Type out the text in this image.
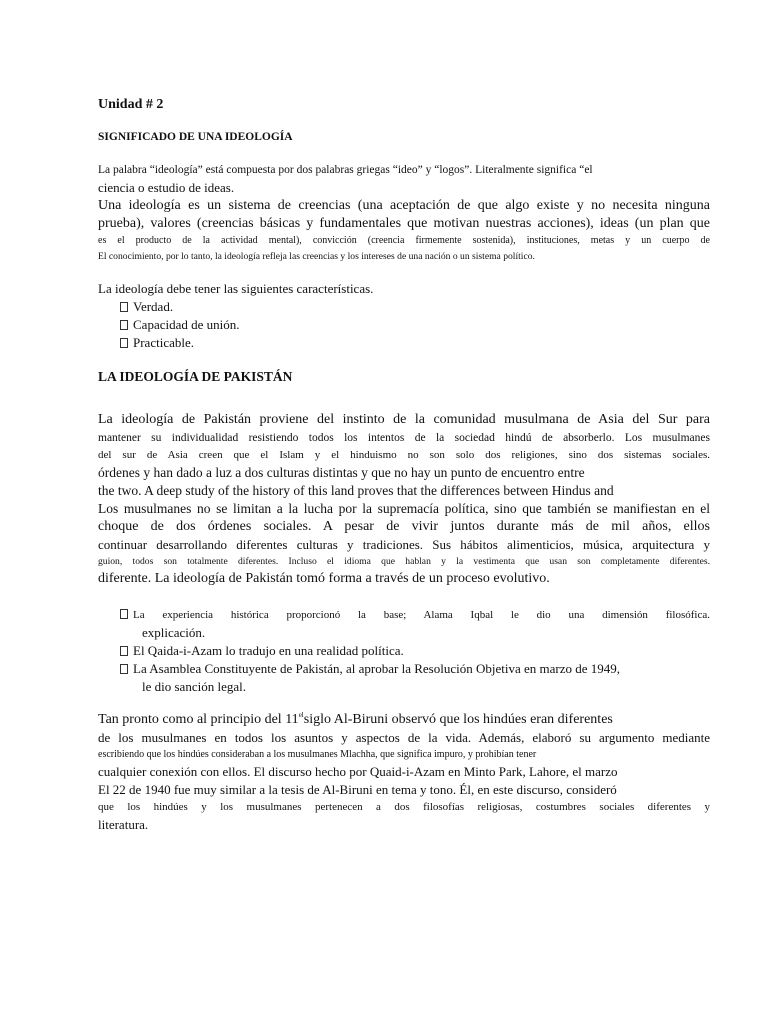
Unidad # 2
SIGNIFICADO DE UNA IDEOLOGÍA
La palabra “ideología” está compuesta por dos palabras griegas “ideo” y “logos”. Literalmente significa “el
ciencia o estudio de ideas.
Una ideología es un sistema de creencias (una aceptación de que algo existe y no necesita ninguna
prueba), valores (creencias básicas y fundamentales que motivan nuestras acciones), ideas (un plan que
es el producto de la actividad mental), convicción (creencia firmemente sostenida), instituciones, metas y un cuerpo de
El conocimiento, por lo tanto, la ideología refleja las creencias y los intereses de una nación o un sistema político.
La ideología debe tener las siguientes características.
Verdad.
Capacidad de unión.
Practicable.
LA IDEOLOGÍA DE PAKISTÁN
La ideología de Pakistán proviene del instinto de la comunidad musulmana de Asia del Sur para
mantener su individualidad resistiendo todos los intentos de la sociedad hindú de absorberlo. Los musulmanes
del sur de Asia creen que el Islam y el hinduismo no son solo dos religiones, sino dos sistemas sociales.
órdenes y han dado a luz a dos culturas distintas y que no hay un punto de encuentro entre
the two. A deep study of the history of this land proves that the differences between Hindus and
Los musulmanes no se limitan a la lucha por la supremacía política, sino que también se manifiestan en el
choque de dos órdenes sociales. A pesar de vivir juntos durante más de mil años, ellos
continuar desarrollando diferentes culturas y tradiciones. Sus hábitos alimenticios, música, arquitectura y
guion, todos son totalmente diferentes. Incluso el idioma que hablan y la vestimenta que usan son completamente diferentes.
diferente. La ideología de Pakistán tomó forma a través de un proceso evolutivo.
La experiencia histórica proporcionó la base; Alama Iqbal le dio una dimensión filosófica.
explicación.
El Qaida-i-Azam lo tradujo en una realidad política.
La Asamblea Constituyente de Pakistán, al aprobar la Resolución Objetiva en marzo de 1949,
le dio sanción legal.
Tan pronto como al principio del $11^{el}siglo$ Al-Biruni observó que los hindúes eran diferentes
de los musulmanes en todos los asuntos y aspectos de la vida. Además, elaboró su argumento mediante
escribiendo que los hindúes consideraban a los musulmanes Mlachha, que significa impuro, y prohibían tener
cualquier conexión con ellos. El discurso hecho por Quaid-i-Azam en Minto Park, Lahore, el marzo
El 22 de 1940 fue muy similar a la tesis de Al-Biruni en tema y tono. Él, en este discurso, consideró
que los hindúes y los musulmanes pertenecen a dos filosofías religiosas, costumbres sociales diferentes y
literatura.
